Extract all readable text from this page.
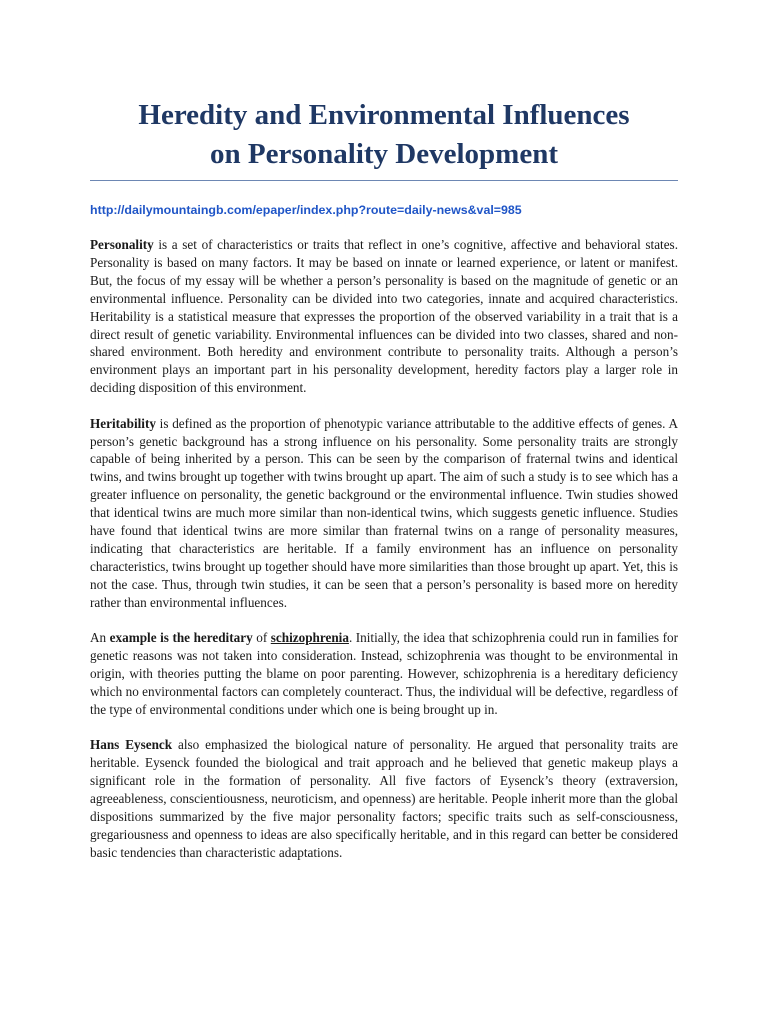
Heredity and Environmental Influences
on Personality Development
http://dailymountaingb.com/epaper/index.php?route=daily-news&val=985

Personality is a set of characteristics or traits that reflect in one’s cognitive, affective and behavioral states. Personality is based on many factors. It may be based on innate or learned experience, or latent or manifest. But, the focus of my essay will be whether a person’s personality is based on the magnitude of genetic or an environmental influence. Personality can be divided into two categories, innate and acquired characteristics. Heritability is a statistical measure that expresses the proportion of the observed variability in a trait that is a direct result of genetic variability. Environmental influences can be divided into two classes, shared and non-shared environment. Both heredity and environment contribute to personality traits. Although a person’s environment plays an important part in his personality development, heredity factors play a larger role in deciding disposition of this environment.

Heritability is defined as the proportion of phenotypic variance attributable to the additive effects of genes. A person’s genetic background has a strong influence on his personality. Some personality traits are strongly capable of being inherited by a person. This can be seen by the comparison of fraternal twins and identical twins, and twins brought up together with twins brought up apart. The aim of such a study is to see which has a greater influence on personality, the genetic background or the environmental influence. Twin studies showed that identical twins are much more similar than non-identical twins, which suggests genetic influence. Studies have found that identical twins are more similar than fraternal twins on a range of personality measures, indicating that characteristics are heritable. If a family environment has an influence on personality characteristics, twins brought up together should have more similarities than those brought up apart. Yet, this is not the case. Thus, through twin studies, it can be seen that a person’s personality is based more on heredity rather than environmental influences.

An example is the hereditary of schizophrenia. Initially, the idea that schizophrenia could run in families for genetic reasons was not taken into consideration. Instead, schizophrenia was thought to be environmental in origin, with theories putting the blame on poor parenting. However, schizophrenia is a hereditary deficiency which no environmental factors can completely counteract. Thus, the individual will be defective, regardless of the type of environmental conditions under which one is being brought up in.

Hans Eysenck also emphasized the biological nature of personality. He argued that personality traits are heritable. Eysenck founded the biological and trait approach and he believed that genetic makeup plays a significant role in the formation of personality. All five factors of Eysenck’s theory (extraversion, agreeableness, conscientiousness, neuroticism, and openness) are heritable. People inherit more than the global dispositions summarized by the five major personality factors; specific traits such as self-consciousness, gregariousness and openness to ideas are also specifically heritable, and in this regard can better be considered basic tendencies than characteristic adaptations.
